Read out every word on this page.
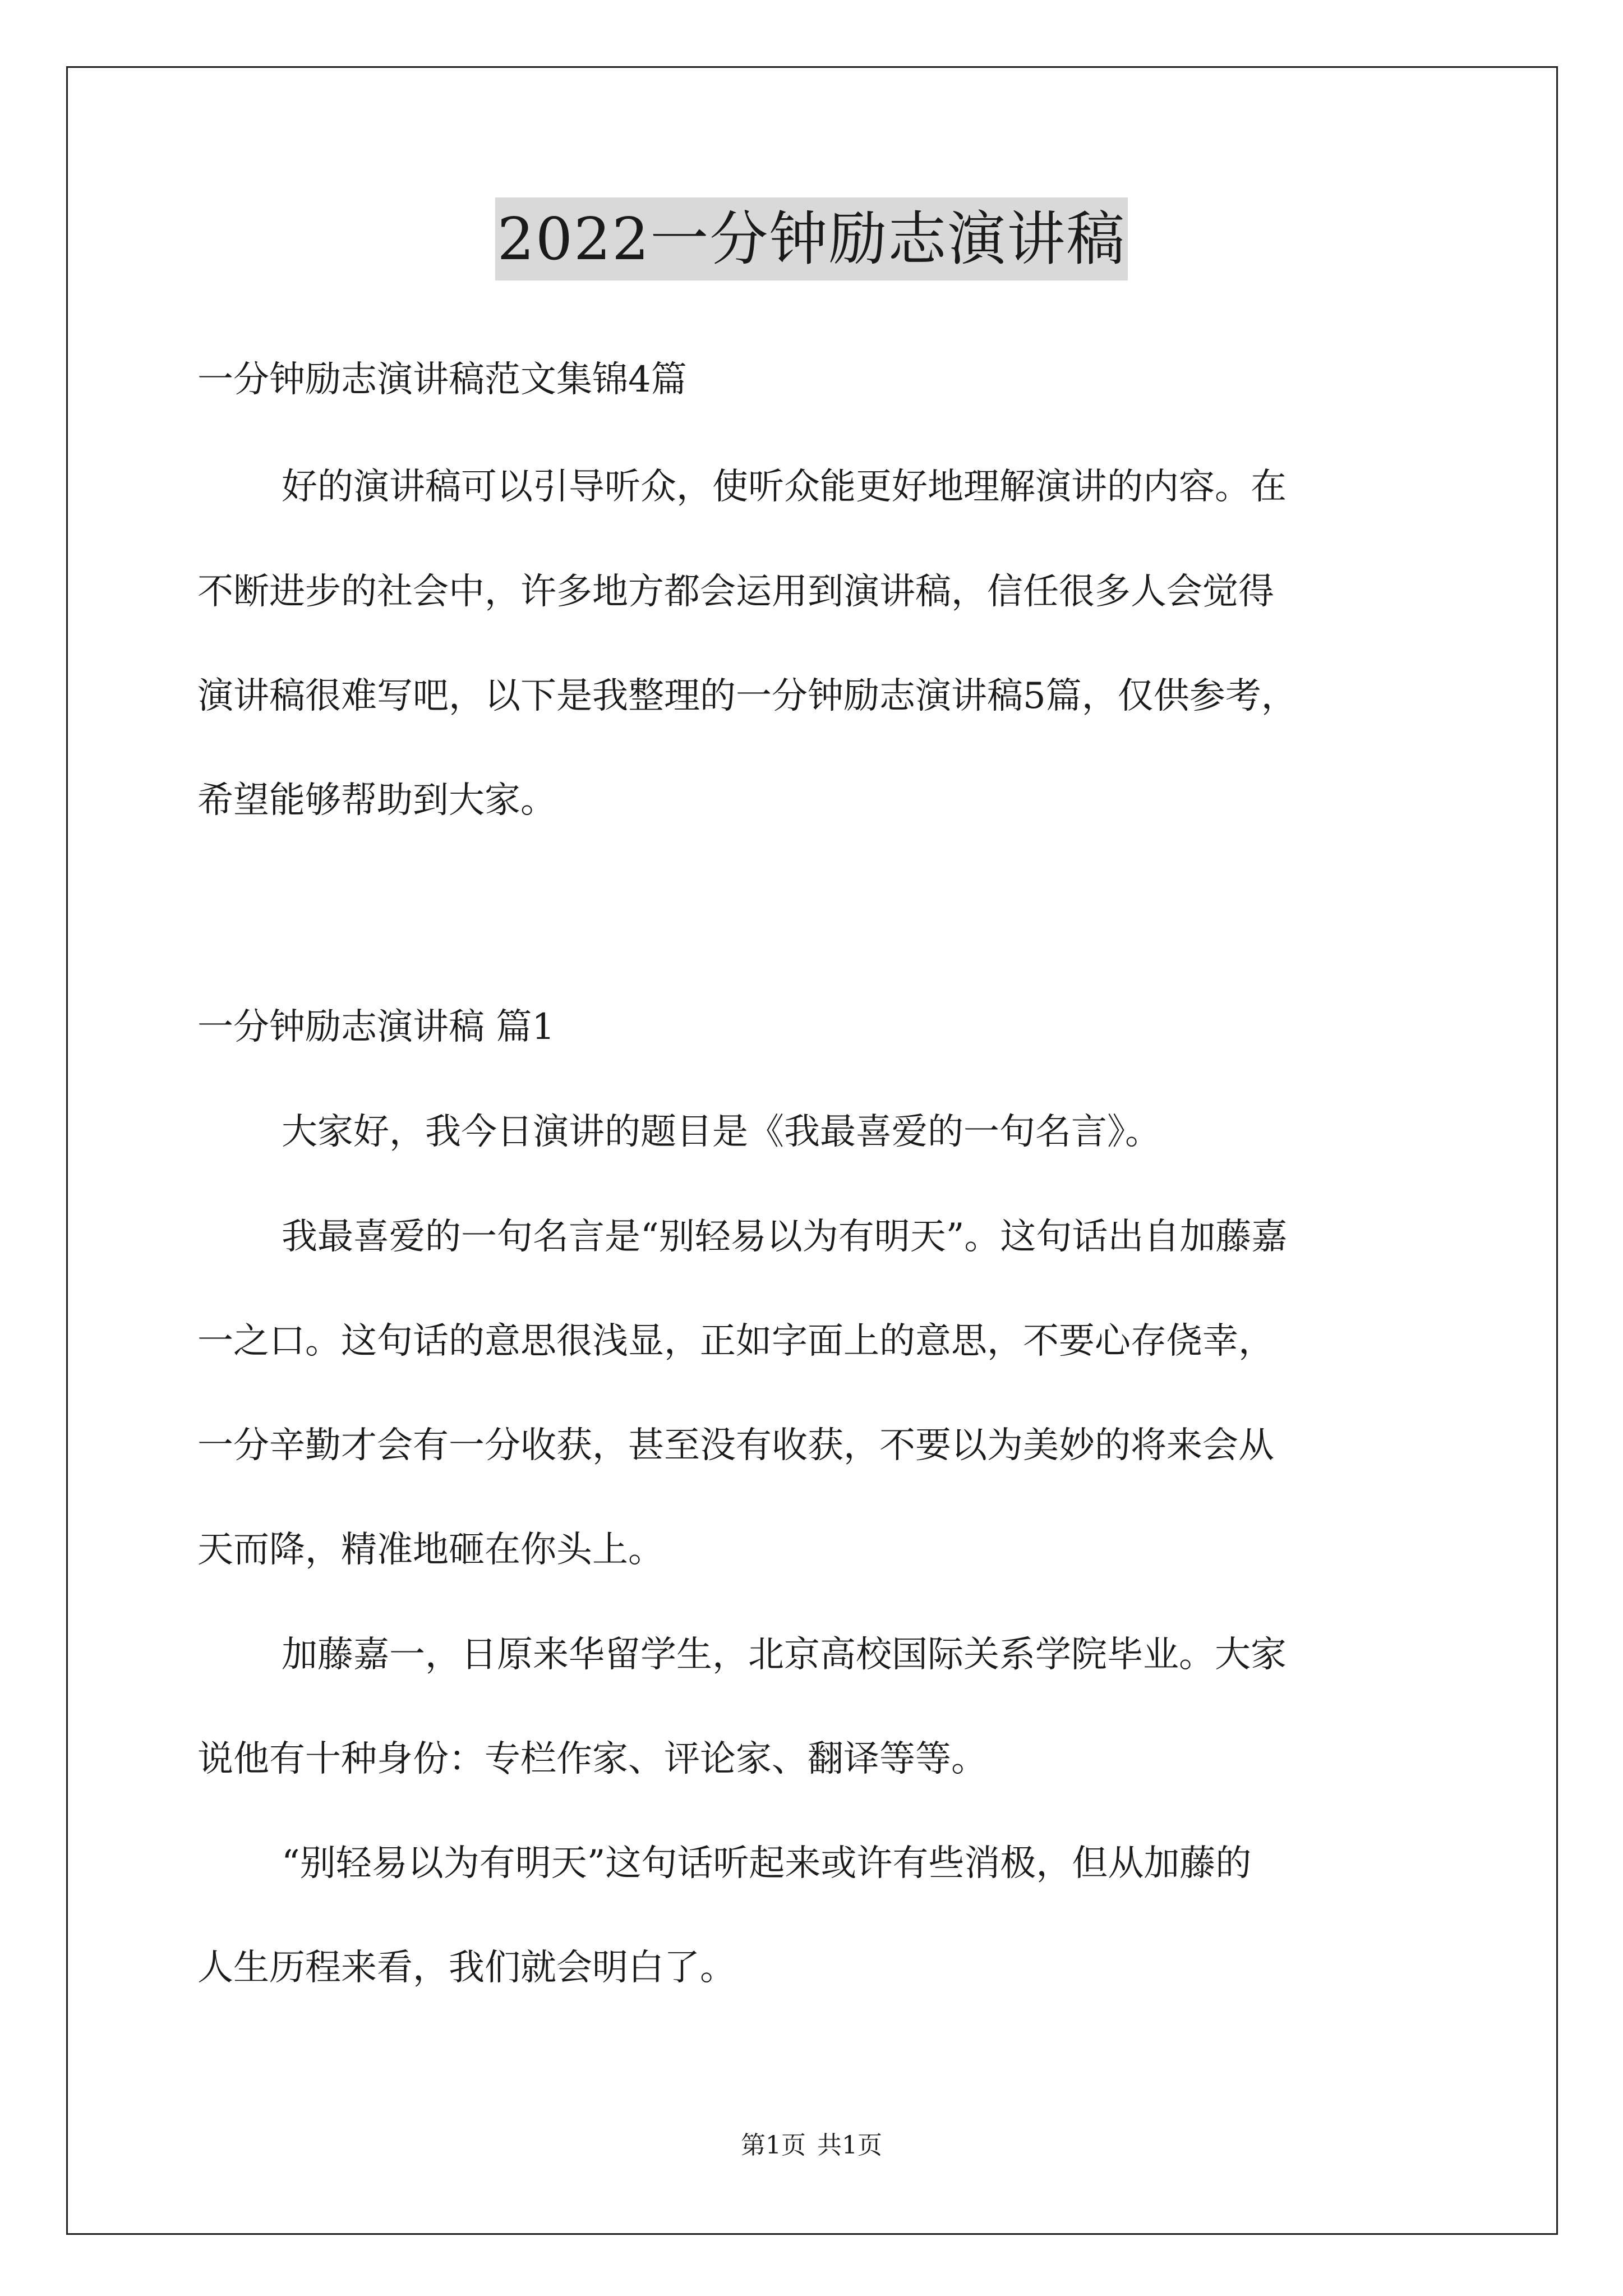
2022一分钟励志演讲稿
一分钟励志演讲稿范文集锦4篇
好的演讲稿可以引导听众，使听众能更好地理解演讲的内容。在
不断进步的社会中，许多地方都会运用到演讲稿，信任很多人会觉得
演讲稿很难写吧，以下是我整理的一分钟励志演讲稿5篇，仅供参考，
希望能够帮助到大家。
一分钟励志演讲稿 篇1
大家好，我今日演讲的题目是《我最喜爱的一句名言》。
我最喜爱的一句名言是“别轻易以为有明天”。这句话出自加藤嘉
一之口。这句话的意思很浅显，正如字面上的意思，不要心存侥幸，
一分辛勤才会有一分收获，甚至没有收获，不要以为美妙的将来会从
天而降，精准地砸在你头上。
加藤嘉一，日原来华留学生，北京高校国际关系学院毕业。大家
说他有十种身份：专栏作家、评论家、翻译等等。
“别轻易以为有明天”这句话听起来或许有些消极，但从加藤的
人生历程来看，我们就会明白了。
第1页 共1页
